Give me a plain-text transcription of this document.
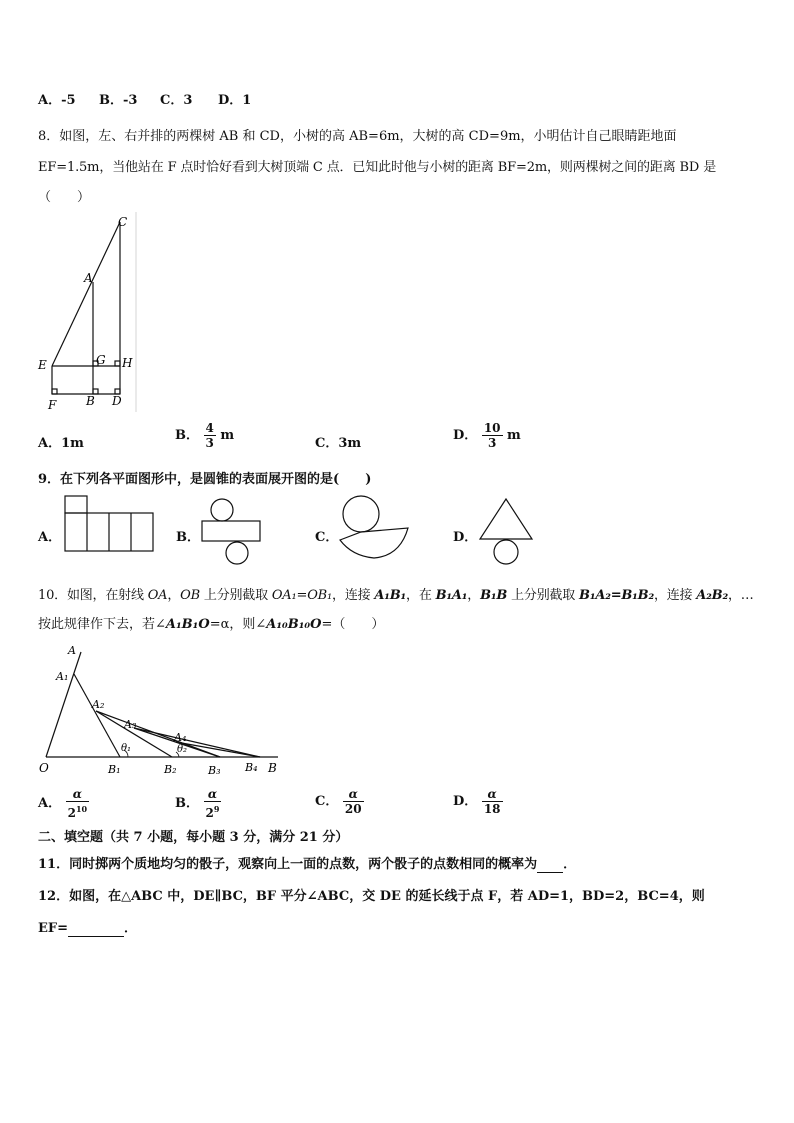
A．-5 B．-3 C．3 D．1
8．如图，左、右并排的两棵树 AB 和 CD，小树的高 AB=6m，大树的高 CD=9m，小明估计自己眼睛距地面
EF=1.5m，当他站在 F 点时恰好看到大树顶端 C 点．已知此时他与小树的距离 BF=2m，则两棵树之间的距离 BD 是
（　　）
C
A
E	G H
F B D
A．1m
B． $\frac{4}{3}$ m
C．3m
D． $\frac{10}{3}$ m
9．在下列各平面图形中，是圆锥的表面展开图的是(　　)
A．	B．	C．	D．
10．如图，在射线 OA，OB 上分别截取 OA₁=OB₁，连接 A₁B₁，在 B₁A₁，B₁B 上分别截取 B₁A₂=B₁B₂，连接 A₂B₂，…
按此规律作下去，若∠A₁B₁O=α，则∠A₁₀B₁₀O=（　　）
A
A₁
A₂
A₃
A₄
θ₁	θ₂
O	B₁	B₂	B₃ B₄ B
A． $\frac{\alpha}{2^{10}}$	B． $\frac{\alpha}{2^9}$	C． $\frac{\alpha}{20}$	D． $\frac{\alpha}{18}$
二、填空题（共 7 小题，每小题 3 分，满分 21 分）
11．同时掷两个质地均匀的骰子，观察向上一面的点数，两个骰子的点数相同的概率为 ．
12．如图，在△ABC 中，DE∥BC，BF 平分∠ABC，交 DE 的延长线于点 F，若 AD=1，BD=2，BC=4，则
EF=	．
